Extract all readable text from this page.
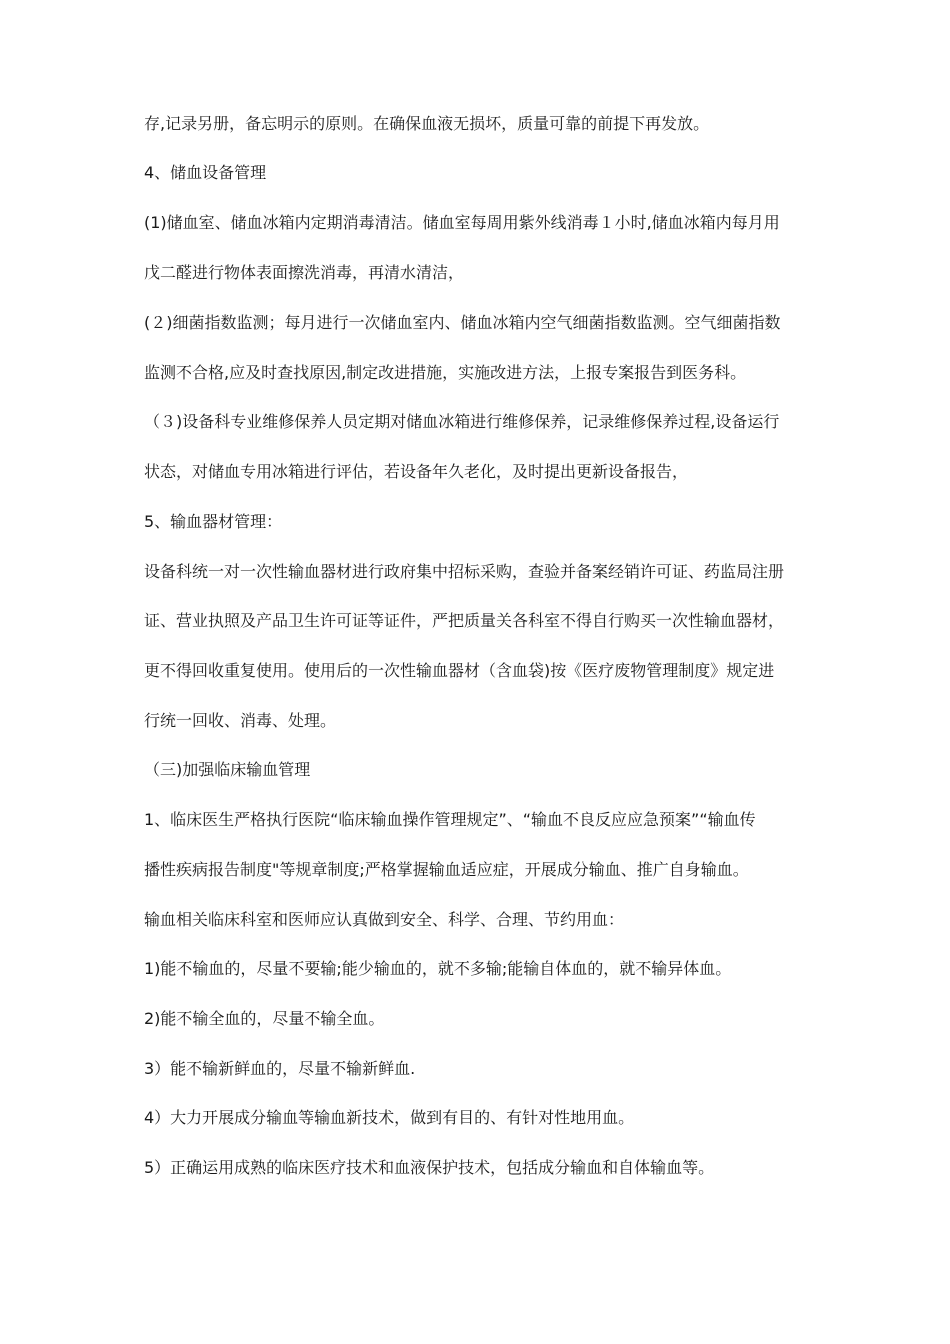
存,记录另册，备忘明示的原则。在确保血液无损坏，质量可靠的前提下再发放。
4、储血设备管理
(1)储血室、储血冰箱内定期消毒清洁。储血室每周用紫外线消毒１小时,储血冰箱内每月用
戊二醛进行物体表面擦洗消毒，再清水清洁，
(２)细菌指数监测；每月进行一次储血室内、储血冰箱内空气细菌指数监测。空气细菌指数
监测不合格,应及时查找原因,制定改进措施，实施改进方法，上报专案报告到医务科。
（３)设备科专业维修保养人员定期对储血冰箱进行维修保养，记录维修保养过程,设备运行
状态，对储血专用冰箱进行评估，若设备年久老化，及时提出更新设备报告，
5、输血器材管理：
设备科统一对一次性输血器材进行政府集中招标采购，查验并备案经销许可证、药监局注册
证、营业执照及产品卫生许可证等证件，严把质量关各科室不得自行购买一次性输血器材，
更不得回收重复使用。使用后的一次性输血器材（含血袋)按《医疗废物管理制度》规定进
行统一回收、消毒、处理。
（三)加强临床输血管理
1、临床医生严格执行医院“临床输血操作管理规定”、“输血不良反应应急预案”“输血传
播性疾病报告制度"等规章制度;严格掌握输血适应症，开展成分输血、推广自身输血。
输血相关临床科室和医师应认真做到安全、科学、合理、节约用血：
1)能不输血的，尽量不要输;能少输血的，就不多输;能输自体血的，就不输异体血。
2)能不输全血的，尽量不输全血。
3）能不输新鲜血的，尽量不输新鲜血.
4）大力开展成分输血等输血新技术，做到有目的、有针对性地用血。
5）正确运用成熟的临床医疗技术和血液保护技术，包括成分输血和自体输血等。
